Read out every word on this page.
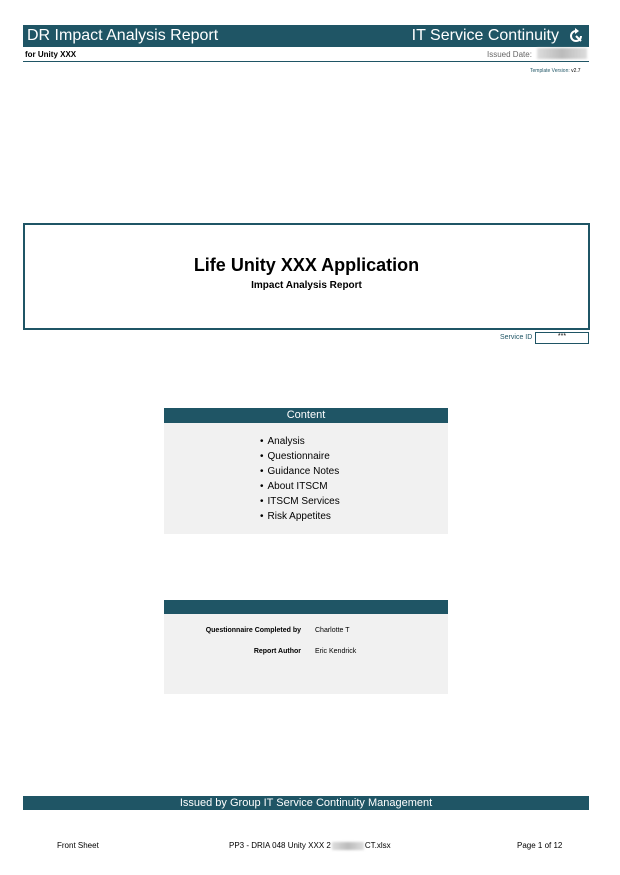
DR Impact Analysis Report	IT Service Continuity
for Unity XXX	Issued Date:
Template Version: v2.7
Life Unity XXX Application
Impact Analysis Report
Service ID	***
Content
• Analysis
• Questionnaire
• Guidance Notes
• About ITSCM
• ITSCM Services
• Risk Appetites
Questionnaire Completed by Charlotte T
Report Author Eric Kendrick
Issued by Group IT Service Continuity Management
Front Sheet	PP3 - DRIA 048 Unity XXX 2	CT.xlsx	Page 1 of 12
